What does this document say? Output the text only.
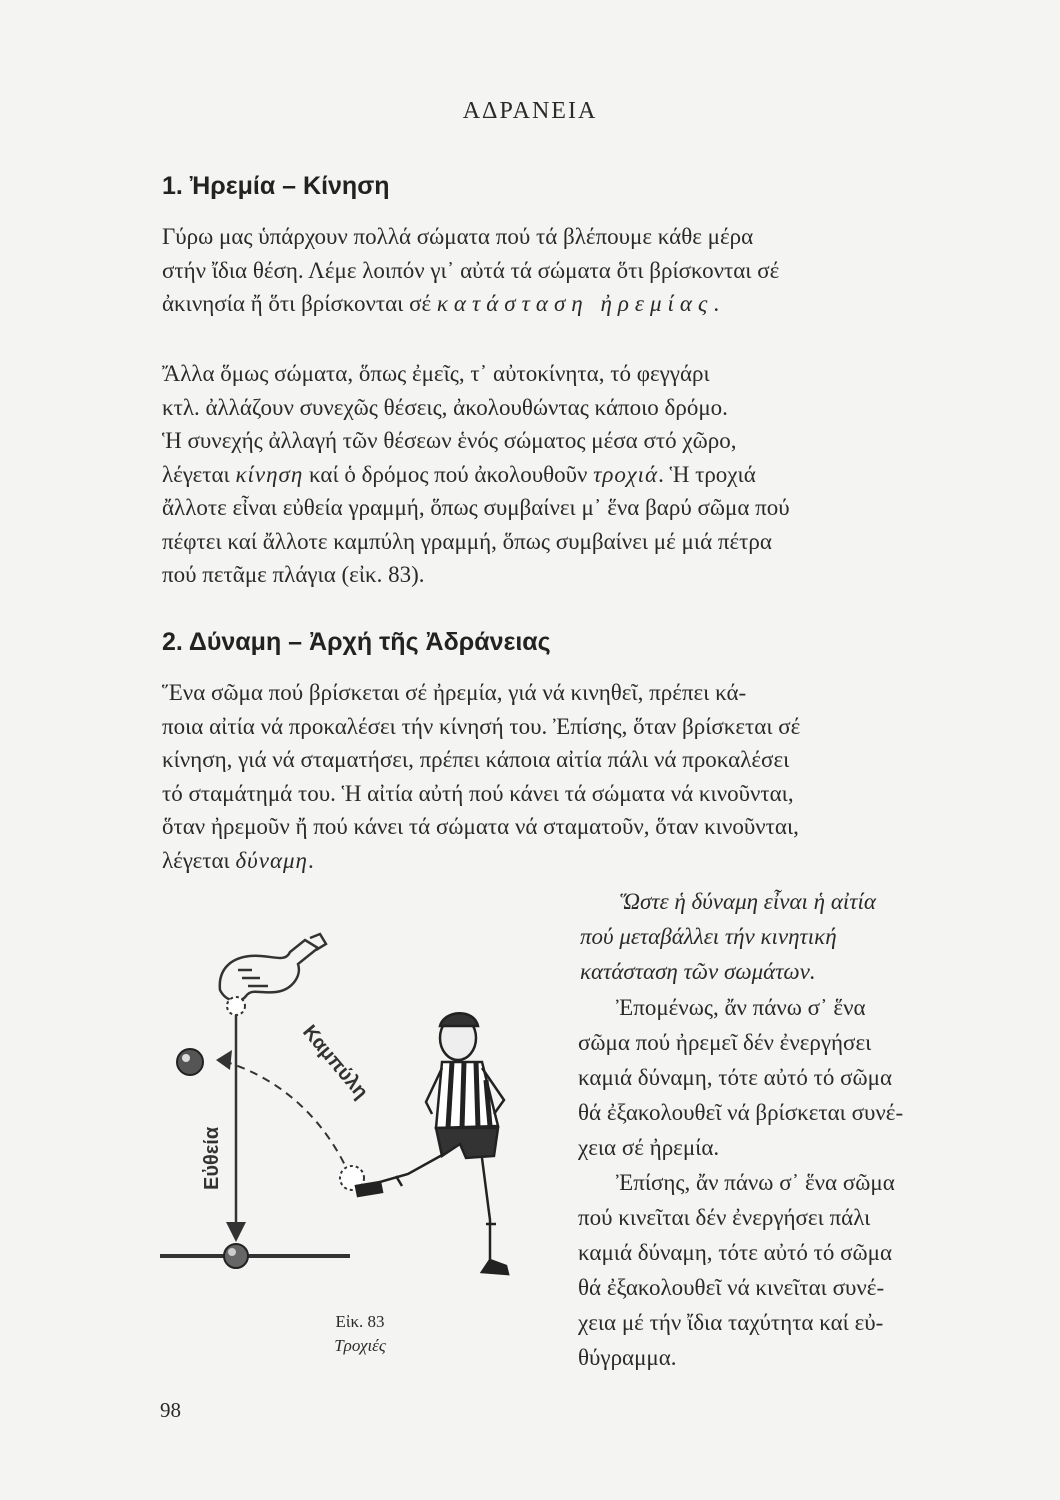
ΑΔΡΑΝΕΙΑ
1. Ἠρεμία – Κίνηση
Γύρω μας ὑπάρχουν πολλά σώματα πού τά βλέπουμε κάθε μέρα
στήν ἴδια θέση. Λέμε λοιπόν γι᾽ αὐτά τά σώματα ὅτι βρίσκονται σέ
ἀκινησία ἤ ὅτι βρίσκονται σέ κατάσταση ἠρεμίας.
Ἄλλα ὅμως σώματα, ὅπως ἐμεῖς, τ᾽ αὐτοκίνητα, τό φεγγάρι
κτλ. ἀλλάζουν συνεχῶς θέσεις, ἀκολουθώντας κάποιο δρόμο.
Ἡ συνεχής ἀλλαγή τῶν θέσεων ἑνός σώματος μέσα στό χῶρο,
λέγεται κίνηση καί ὁ δρόμος πού ἀκολουθοῦν τροχιά. Ἡ τροχιά
ἄλλοτε εἶναι εὐθεία γραμμή, ὅπως συμβαίνει μ᾽ ἕνα βαρύ σῶμα πού
πέφτει καί ἄλλοτε καμπύλη γραμμή, ὅπως συμβαίνει μέ μιά πέτρα
πού πετᾶμε πλάγια (εἰκ. 83).
2. Δύναμη – Ἀρχή τῆς Ἀδράνειας
Ἕνα σῶμα πού βρίσκεται σέ ἠρεμία, γιά νά κινηθεῖ, πρέπει κά-
ποια αἰτία νά προκαλέσει τήν κίνησή του. Ἐπίσης, ὅταν βρίσκεται σέ
κίνηση, γιά νά σταματήσει, πρέπει κάποια αἰτία πάλι νά προκαλέσει
τό σταμάτημά του. Ἡ αἰτία αὐτή πού κάνει τά σώματα νά κινοῦνται,
ὅταν ἠρεμοῦν ἤ πού κάνει τά σώματα νά σταματοῦν, ὅταν κινοῦνται,
λέγεται δύναμη.
Ὥστε ἡ δύναμη εἶναι ἡ αἰτία
πού μεταβάλλει τήν κινητική
κατάσταση τῶν σωμάτων.
Ἐπομένως, ἄν πάνω σ᾽ ἕνα
σῶμα πού ἠρεμεῖ δέν ἐνεργήσει
καμιά δύναμη, τότε αὐτό τό σῶμα
θά ἐξακολουθεῖ νά βρίσκεται συνέ-
χεια σέ ἠρεμία.
Ἐπίσης, ἄν πάνω σ᾽ ἕνα σῶμα
πού κινεῖται δέν ἐνεργήσει πάλι
καμιά δύναμη, τότε αὐτό τό σῶμα
θά ἐξακολουθεῖ νά κινεῖται συνέ-
χεια μέ τήν ἴδια ταχύτητα καί εὐ-
θύγραμμα.
Καμπύλη
Εὐθεία
Εἰκ. 83
Τροχιές
98
